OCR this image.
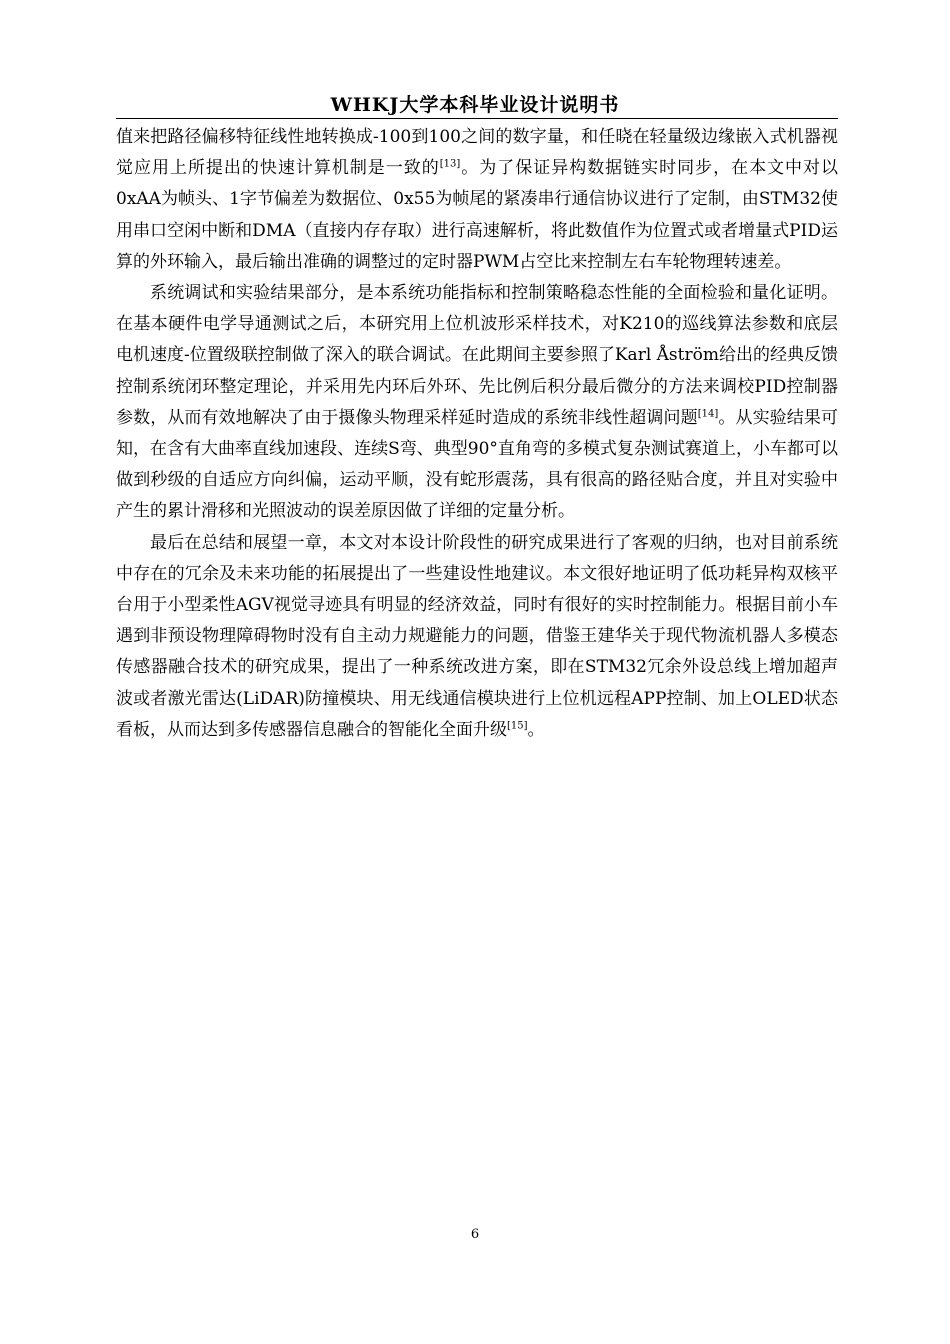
WHKJ大学本科毕业设计说明书

值来把路径偏移特征线性地转换成-100到100之间的数字量，和任晓在轻量级边缘嵌入式机器视觉应用上所提出的快速计算机制是一致的[13]。为了保证异构数据链实时同步，在本文中对以0xAA为帧头、1字节偏差为数据位、0x55为帧尾的紧凑串行通信协议进行了定制，由STM32使用串口空闲中断和DMA（直接内存存取）进行高速解析，将此数值作为位置式或者增量式PID运算的外环输入，最后输出准确的调整过的定时器PWM占空比来控制左右车轮物理转速差。

系统调试和实验结果部分，是本系统功能指标和控制策略稳态性能的全面检验和量化证明。在基本硬件电学导通测试之后，本研究用上位机波形采样技术，对K210的巡线算法参数和底层电机速度-位置级联控制做了深入的联合调试。在此期间主要参照了Karl Åström给出的经典反馈控制系统闭环整定理论，并采用先内环后外环、先比例后积分最后微分的方法来调校PID控制器参数，从而有效地解决了由于摄像头物理采样延时造成的系统非线性超调问题[14]。从实验结果可知，在含有大曲率直线加速段、连续S弯、典型90°直角弯的多模式复杂测试赛道上，小车都可以做到秒级的自适应方向纠偏，运动平顺，没有蛇形震荡，具有很高的路径贴合度，并且对实验中产生的累计滑移和光照波动的误差原因做了详细的定量分析。

最后在总结和展望一章，本文对本设计阶段性的研究成果进行了客观的归纳，也对目前系统中存在的冗余及未来功能的拓展提出了一些建设性地建议。本文很好地证明了低功耗异构双核平台用于小型柔性AGV视觉寻迹具有明显的经济效益，同时有很好的实时控制能力。根据目前小车遇到非预设物理障碍物时没有自主动力规避能力的问题，借鉴王建华关于现代物流机器人多模态传感器融合技术的研究成果，提出了一种系统改进方案，即在STM32冗余外设总线上增加超声波或者激光雷达(LiDAR)防撞模块、用无线通信模块进行上位机远程APP控制、加上OLED状态看板，从而达到多传感器信息融合的智能化全面升级[15]。

6
